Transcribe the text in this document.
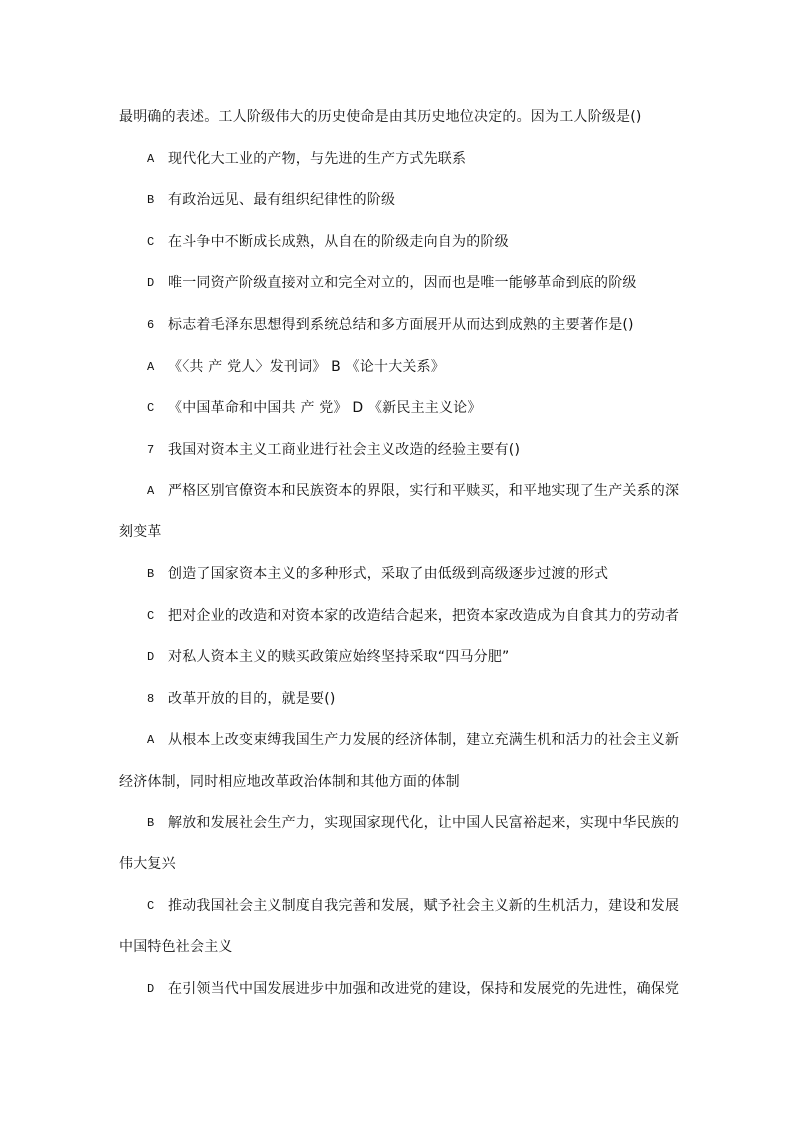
最明确的表述。工人阶级伟大的历史使命是由其历史地位决定的。因为工人阶级是()
A 现代化大工业的产物，与先进的生产方式先联系
B 有政治远见、最有组织纪律性的阶级
C 在斗争中不断成长成熟，从自在的阶级走向自为的阶级
D 唯一同资产阶级直接对立和完全对立的，因而也是唯一能够革命到底的阶级
6 标志着毛泽东思想得到系统总结和多方面展开从而达到成熟的主要著作是()
A 《〈共 产 党人〉发刊词》 B 《论十大关系》
C 《中国革命和中国共 产 党》 D 《新民主主义论》
7 我国对资本主义工商业进行社会主义改造的经验主要有()
A 严格区别官僚资本和民族资本的界限，实行和平赎买，和平地实现了生产关系的深
刻变革
B 创造了国家资本主义的多种形式，采取了由低级到高级逐步过渡的形式
C 把对企业的改造和对资本家的改造结合起来，把资本家改造成为自食其力的劳动者
D 对私人资本主义的赎买政策应始终坚持采取“四马分肥”
8 改革开放的目的，就是要()
A 从根本上改变束缚我国生产力发展的经济体制，建立充满生机和活力的社会主义新
经济体制，同时相应地改革政治体制和其他方面的体制
B 解放和发展社会生产力，实现国家现代化，让中国人民富裕起来，实现中华民族的
伟大复兴
C 推动我国社会主义制度自我完善和发展，赋予社会主义新的生机活力，建设和发展
中国特色社会主义
D 在引领当代中国发展进步中加强和改进党的建设，保持和发展党的先进性，确保党
